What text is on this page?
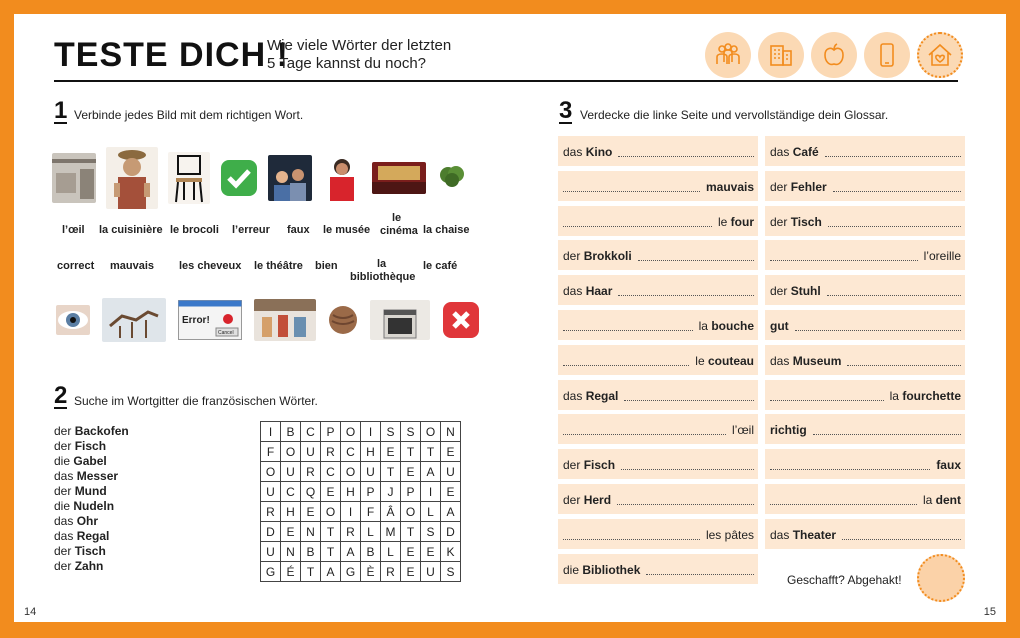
TESTE DICH !
Wie viele Wörter der letzten
5 Tage kannst du noch?
1 Verbinde jedes Bild mit dem richtigen Wort.
l’œil la cuisinière le brocoli l’erreur faux le musée
le
cinéma la chaise
correct mauvais les cheveux le théâtre bien	la
bibliothèque
le café
Error!
Cancel
2 Suche im Wortgitter die französischen Wörter.
der Backofen
der Fisch
die Gabel
das Messer
der Mund
die Nudeln
das Ohr
das Regal
der Tisch
der Zahn
I	B	C	P	O	I	S	S	O	N
F	O	U	R	C	H	E	T	T	E
O	U	R	C	O	U	T	E	A	U
U	C	Q	E	H	P	J	P	I	E
R	H	E	O	I	F	Â	O	L	A
D	E	N	T	R	L	M	T	S	D
U	N	B	T	A	B	L	E	E	K
G	É	T	A	G	È	R	E	U	S
3 Verdecke die linke Seite und vervollständige dein Glossar.
das Kino
mauvais
le four
der Brokkoli
das Haar
la bouche
le couteau
das Regal
l’œil
der Fisch
der Herd
les pâtes
die Bibliothek
das Café
der Fehler
der Tisch
l’oreille
der Stuhl
gut
das Museum
la fourchette
richtig
faux
la dent
das Theater
Geschafft? Abgehakt!
14	15
